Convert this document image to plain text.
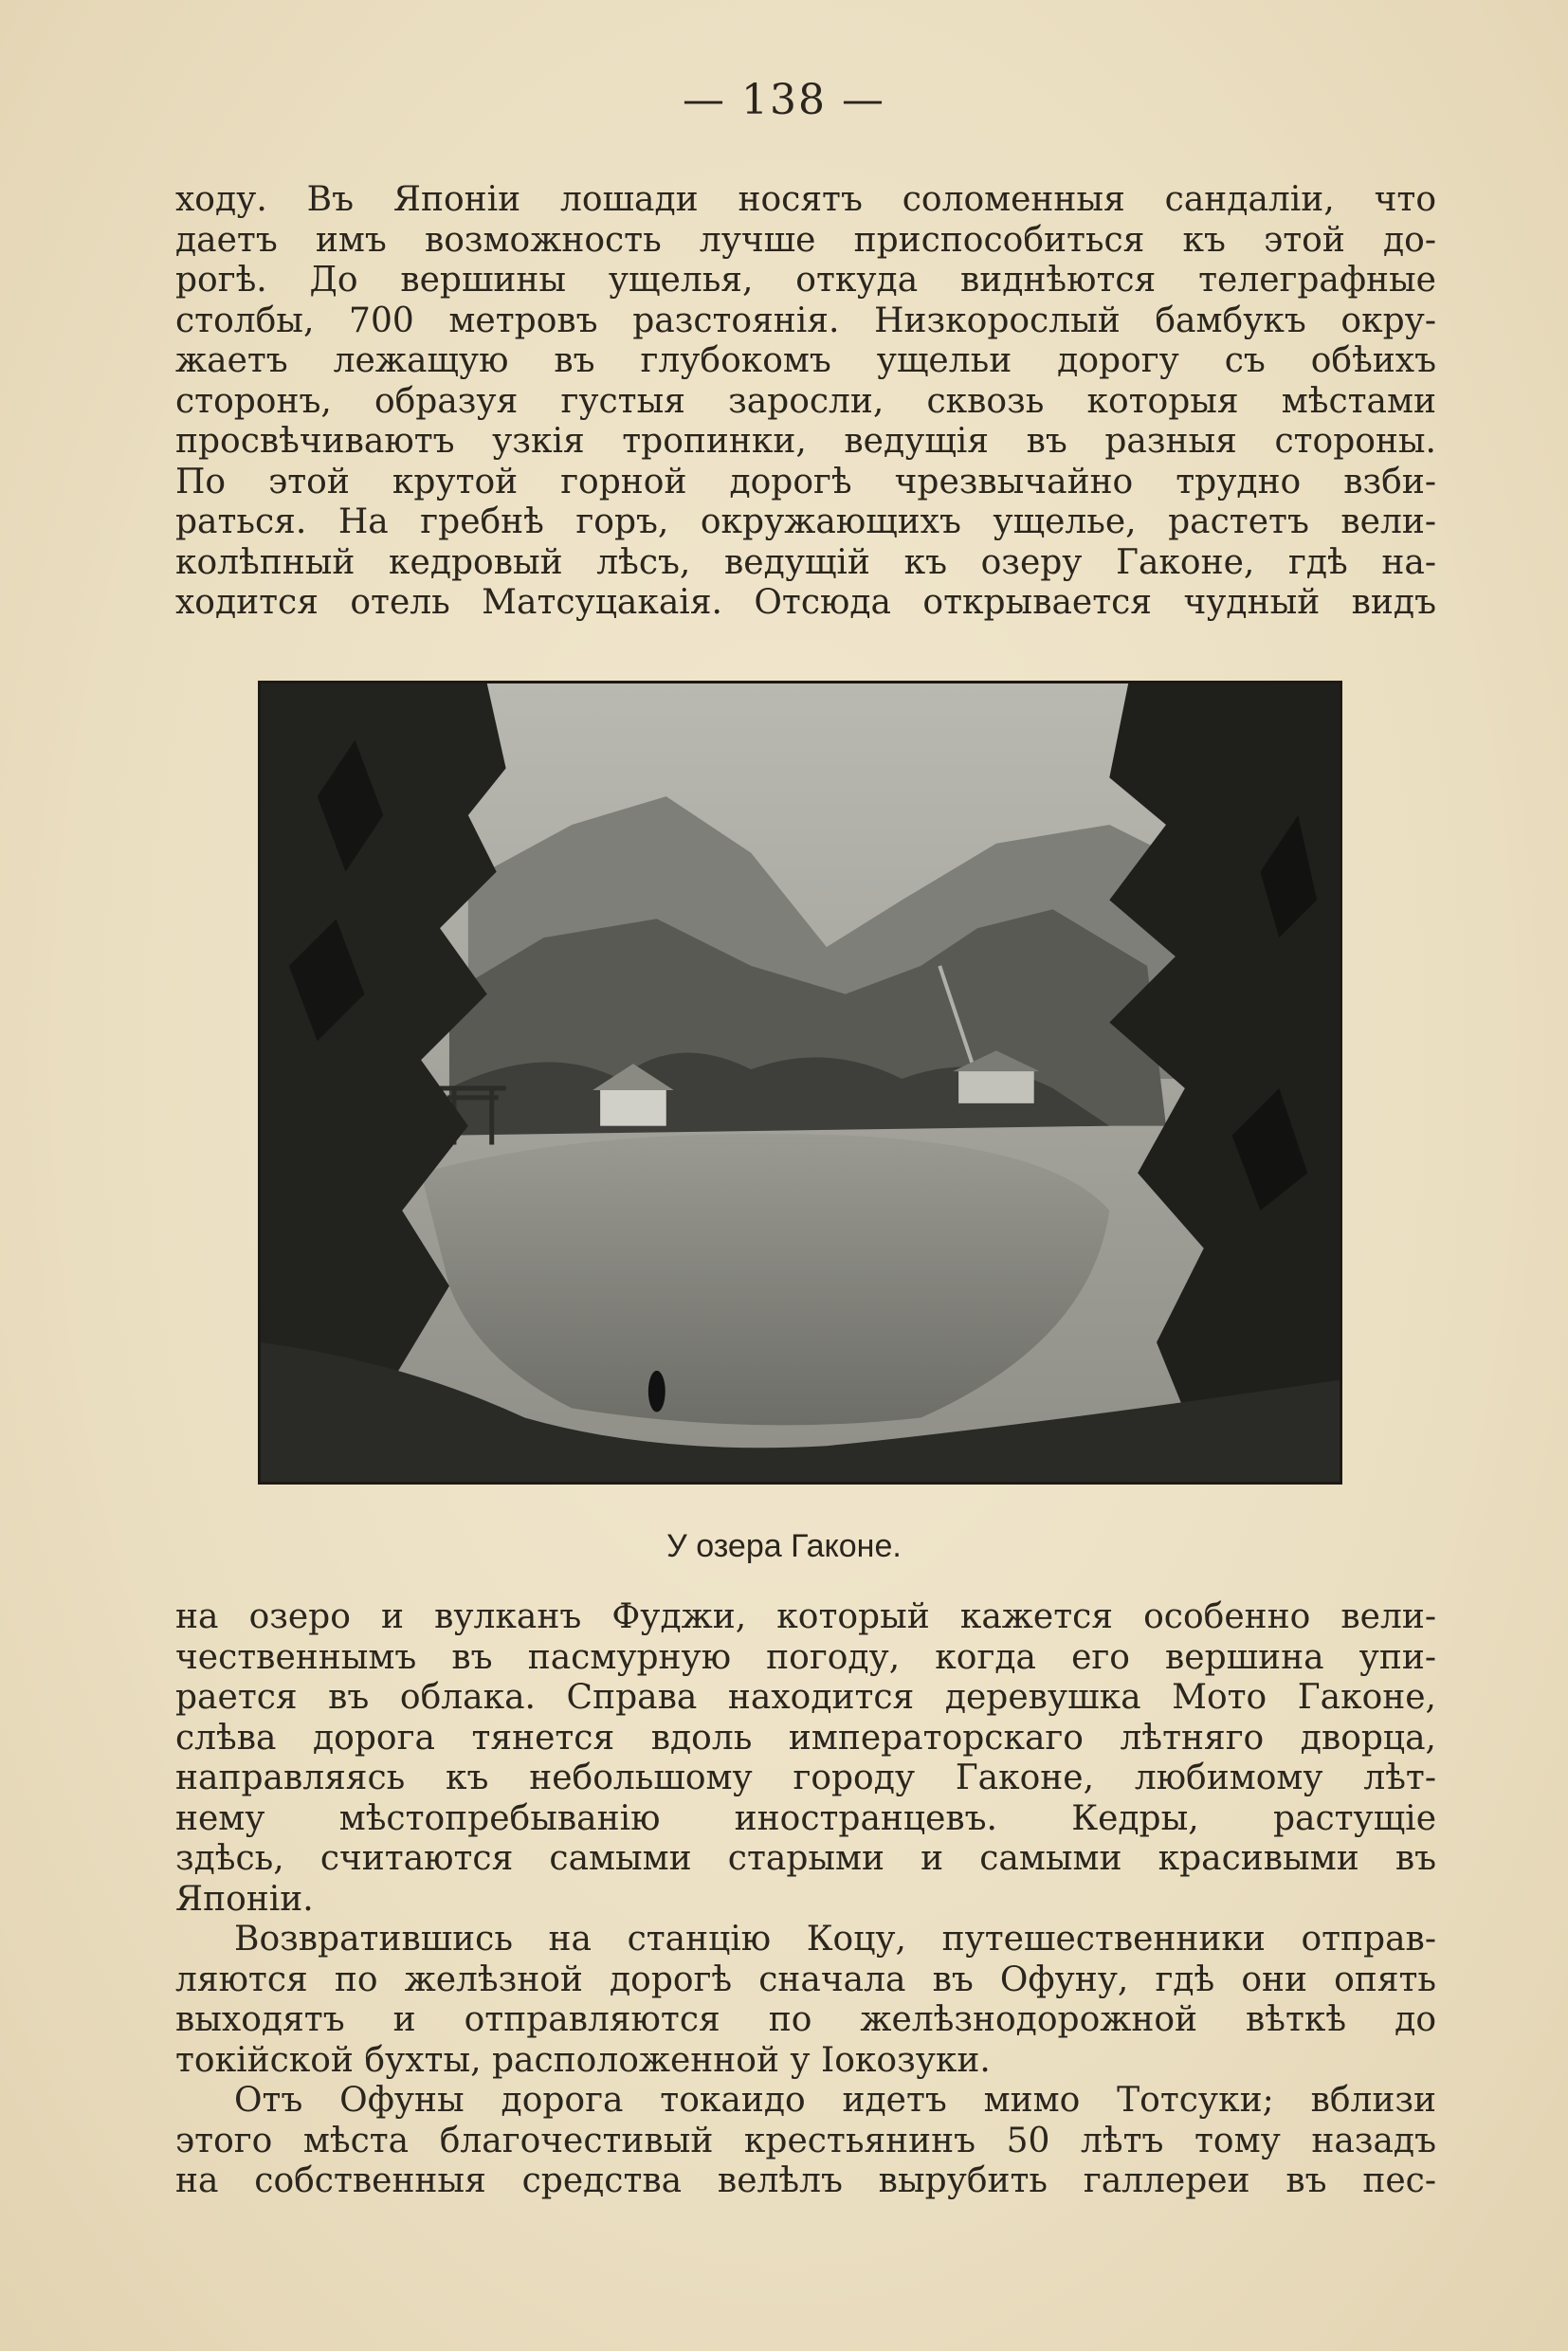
— 138 —
ходу. Въ Японіи лошади носятъ соломенныя сандаліи, что
даетъ имъ возможность лучше приспособиться къ этой до-
рогѣ. До вершины ущелья, откуда виднѣются телеграфные
столбы, 700 метровъ разстоянія. Низкорослый бамбукъ окру-
жаетъ лежащую въ глубокомъ ущельи дорогу съ обѣихъ
сторонъ, образуя густыя заросли, сквозь которыя мѣстами
просвѣчиваютъ узкія тропинки, ведущія въ разныя стороны.
По этой крутой горной дорогѣ чрезвычайно трудно взби-
раться. На гребнѣ горъ, окружающихъ ущелье, растетъ вели-
колѣпный кедровый лѣсъ, ведущій къ озеру Гаконе, гдѣ на-
ходится отель Матсуцакаія. Отсюда открывается чудный видъ
У озера Гаконе.
на озеро и вулканъ Фуджи, который кажется особенно вели-
чественнымъ въ пасмурную погоду, когда его вершина упи-
рается въ облака. Справа находится деревушка Мото Гаконе,
слѣва дорога тянется вдоль императорскаго лѣтняго дворца,
направляясь къ небольшому городу Гаконе, любимому лѣт-
нему мѣстопребыванію иностранцевъ. Кедры, растущіе
здѣсь, считаются самыми старыми и самыми красивыми въ
Японіи.
Возвратившись на станцію Коцу, путешественники отправ-
ляются по желѣзной дорогѣ сначала въ Офуну, гдѣ они опять
выходятъ и отправляются по желѣзнодорожной вѣткѣ до
токійской бухты, расположенной у Іокозуки.
Отъ Офуны дорога токаидо идетъ мимо Тотсуки; вблизи
этого мѣста благочестивый крестьянинъ 50 лѣтъ тому назадъ
на собственныя средства велѣлъ вырубить галлереи въ пес-
